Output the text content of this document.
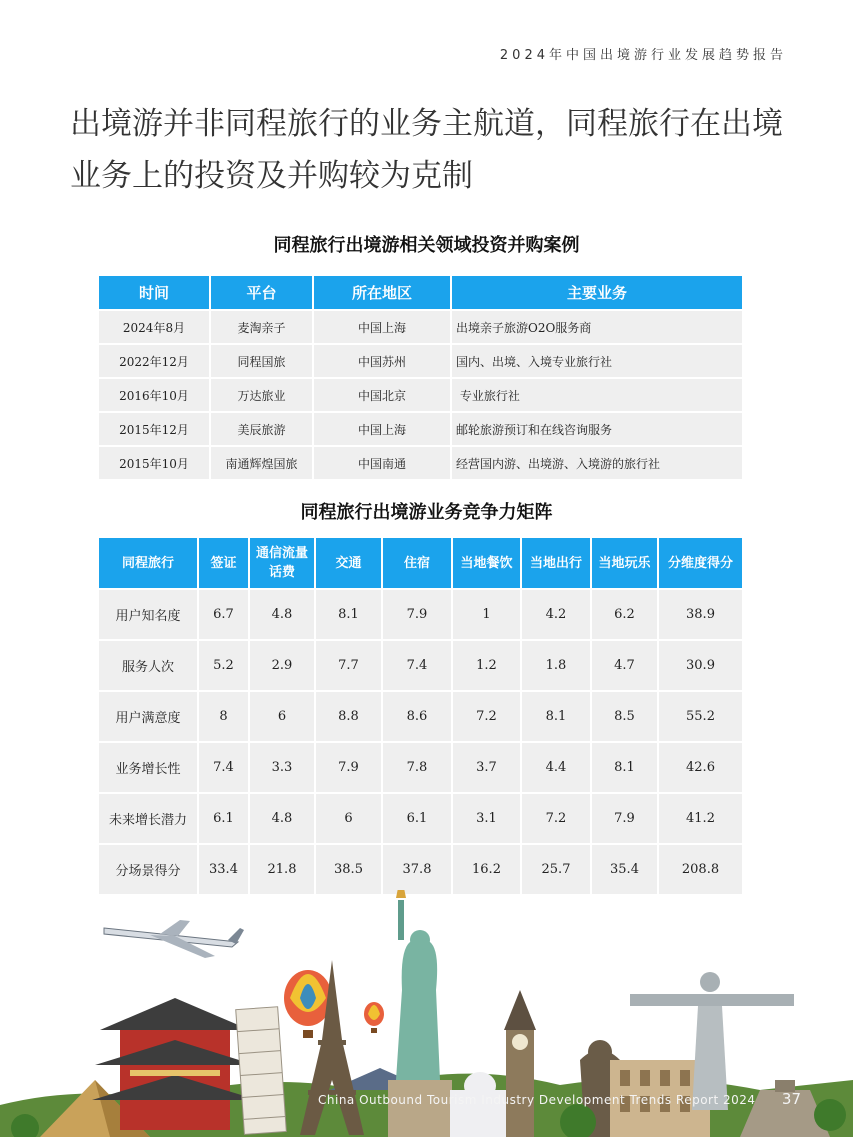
2024年中国出境游行业发展趋势报告
出境游并非同程旅行的业务主航道，同程旅行在出境业务上的投资及并购较为克制
同程旅行出境游相关领域投资并购案例
时间	平台	所在地区	主要业务
2024年8月	麦淘亲子	中国上海	出境亲子旅游O2O服务商
2022年12月	同程国旅	中国苏州	国内、出境、入境专业旅行社
2016年10月	万达旅业	中国北京	专业旅行社
2015年12月	美辰旅游	中国上海	邮轮旅游预订和在线咨询服务
2015年10月	南通辉煌国旅	中国南通	经营国内游、出境游、入境游的旅行社
同程旅行出境游业务竞争力矩阵
同程旅行	签证	通信流量话费	交通	住宿	当地餐饮	当地出行	当地玩乐	分维度得分
用户知名度	6.7	4.8	8.1	7.9	1	4.2	6.2	38.9
服务人次	5.2	2.9	7.7	7.4	1.2	1.8	4.7	30.9
用户满意度	8	6	8.8	8.6	7.2	8.1	8.5	55.2
业务增长性	7.4	3.3	7.9	7.8	3.7	4.4	8.1	42.6
未来增长潜力	6.1	4.8	6	6.1	3.1	7.2	7.9	41.2
分场景得分	33.4	21.8	38.5	37.8	16.2	25.7	35.4	208.8
China Outbound Tourism Industry Development Trends Report 2024 37
